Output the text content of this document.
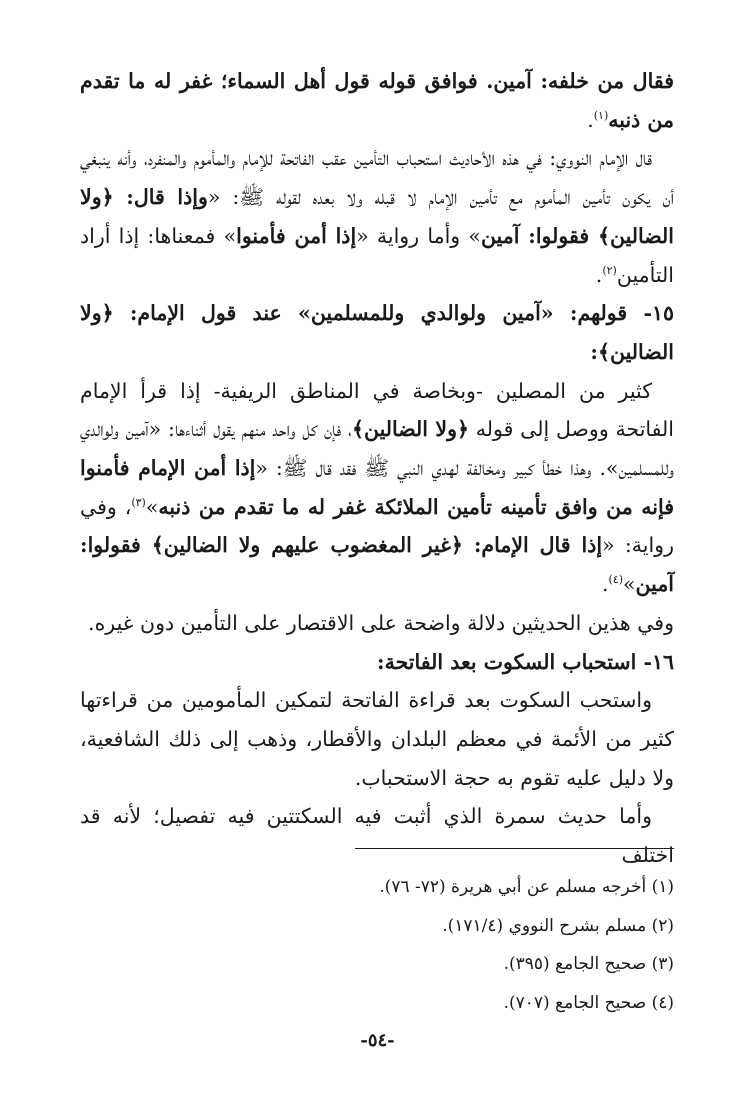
فقال من خلفه: آمين. فوافق قوله قول أهل السماء؛ غفر له ما تقدم من ذنبه$^{(١)}$.

قال الإمام النووي: في هذه الأحاديث استحباب التأمين عقب الفاتحة للإمام والمأموم والمنفرد، وأنه ينبغي أن يكون تأمين المأموم مع تأمين الإمام لا قبله ولا بعده لقوله ﷺ: «وإذا قال: ﴿ولا الضالين﴾ فقولوا: آمين» وأما رواية «إذا أمن فأمنوا» فمعناها: إذا أراد التأمين$^{(٢)}$.

١٥- قولهم: «آمين ولوالدي وللمسلمين» عند قول الإمام: ﴿ولا الضالين﴾:

كثير من المصلين -وبخاصة في المناطق الريفية- إذا قرأ الإمام الفاتحة ووصل إلى قوله ﴿ولا الضالين﴾، فإن كل واحد منهم يقول أثناءها: «آمين ولوالدي وللمسلمين». وهذا خطأ كبير ومخالفة لهدي النبي ﷺ فقد قال ﷺ: «إذا أمن الإمام فأمنوا فإنه من وافق تأمينه تأمين الملائكة غفر له ما تقدم من ذنبه»$^{(٣)}$، وفي رواية: «إذا قال الإمام: ﴿غير المغضوب عليهم ولا الضالين﴾ فقولوا: آمين»$^{(٤)}$.

وفي هذين الحديثين دلالة واضحة على الاقتصار على التأمين دون غيره.

١٦- استحباب السكوت بعد الفاتحة:

واستحب السكوت بعد قراءة الفاتحة لتمكين المأمومين من قراءتها كثير من الأئمة في معظم البلدان والأقطار، وذهب إلى ذلك الشافعية، ولا دليل عليه تقوم به حجة الاستحباب.

وأما حديث سمرة الذي أثبت فيه السكتتين فيه تفصيل؛ لأنه قد اختلف

(١) أخرجه مسلم عن أبي هريرة (٧٢- ٧٦).

(٢) مسلم بشرح النووي (١٧١/٤).

(٣) صحيح الجامع (٣٩٥).

(٤) صحيح الجامع (٧٠٧).

-٥٤-
